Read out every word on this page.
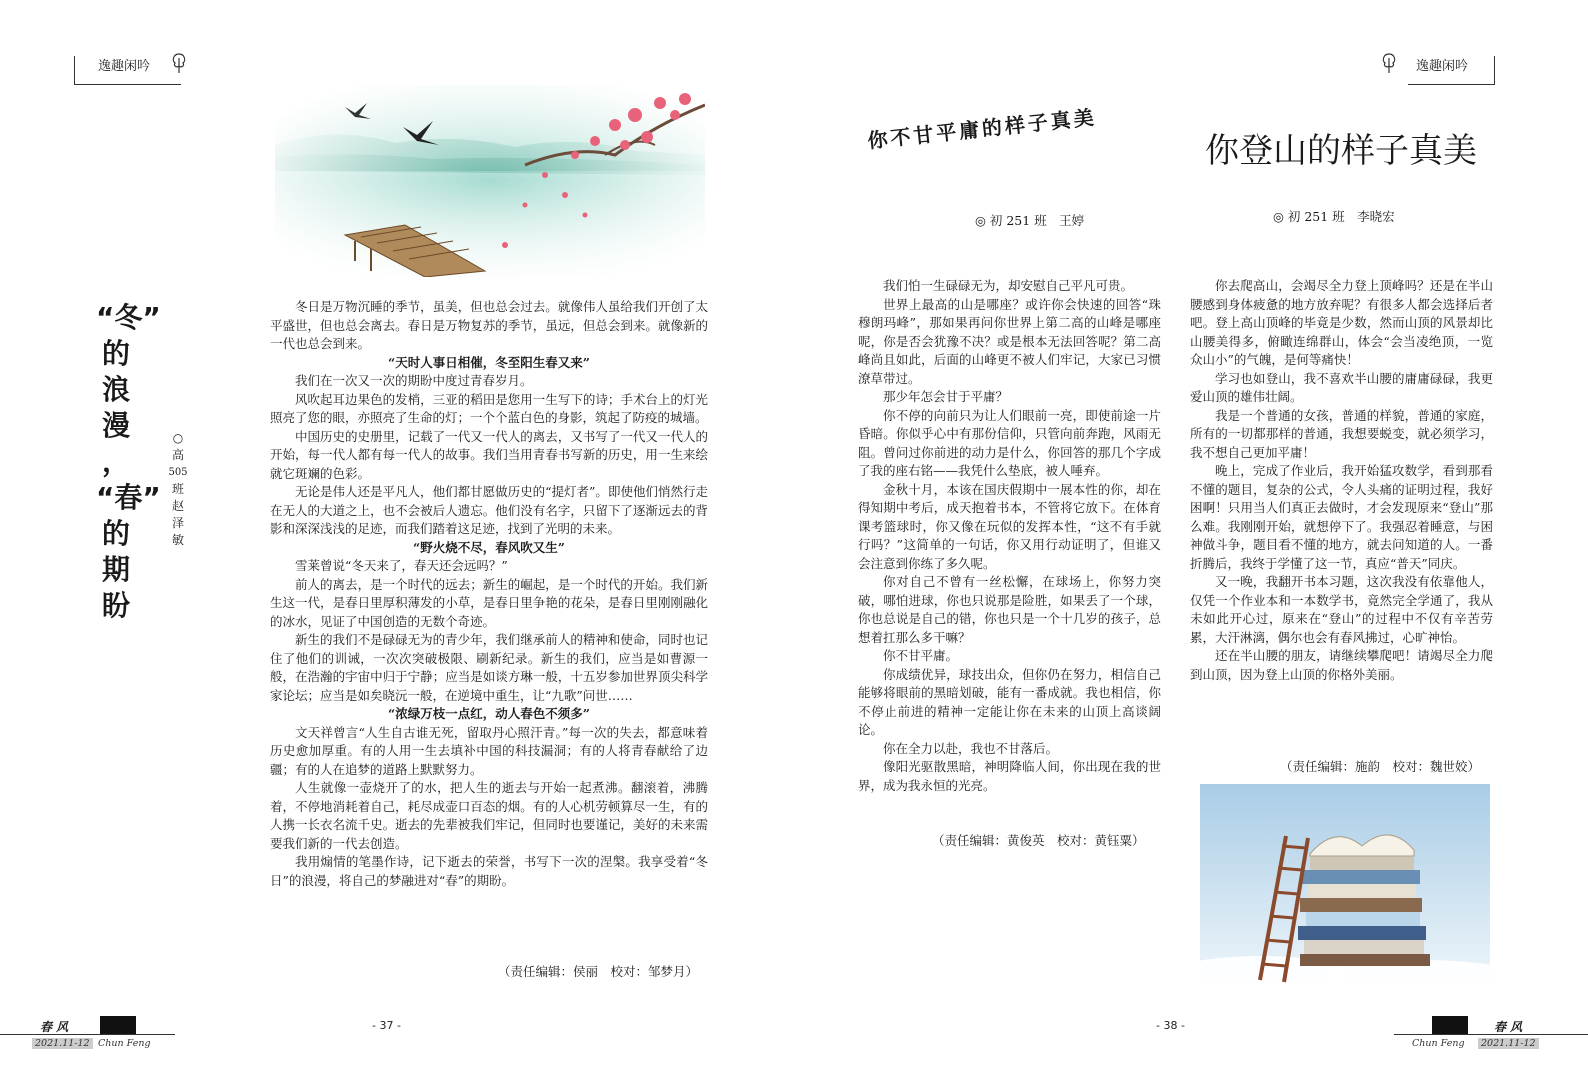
逸趣闲吟	逸趣闲吟
“冬”
的
浪
漫
，
“春”
的
期
盼
○
高
505
班
赵
泽
敏

冬日是万物沉睡的季节，虽美，但也总会过去。就像伟人虽给我们开创了太平盛世，但也总会离去。春日是万物复苏的季节，虽远，但总会到来。就像新的一代也总会到来。

“天时人事日相催，冬至阳生春又来”

我们在一次又一次的期盼中度过青春岁月。

风吹起耳边果色的发梢，三亚的稻田是您用一生写下的诗；手术台上的灯光照亮了您的眼，亦照亮了生命的灯；一个个蓝白色的身影，筑起了防疫的城墙。

中国历史的史册里，记载了一代又一代人的离去，又书写了一代又一代人的开始，每一代人都有每一代人的故事。我们当用青春书写新的历史，用一生来绘就它斑斓的色彩。

无论是伟人还是平凡人，他们都甘愿做历史的“提灯者”。即使他们悄然行走在无人的大道之上，也不会被后人遗忘。他们没有名字，只留下了逐渐远去的背影和深深浅浅的足迹，而我们踏着这足迹，找到了光明的未来。

“野火烧不尽，春风吹又生”

雪莱曾说“冬天来了，春天还会远吗？”

前人的离去，是一个时代的远去；新生的崛起，是一个时代的开始。我们新生这一代，是春日里厚积薄发的小草，是春日里争艳的花朵，是春日里刚刚融化的冰水，见证了中国创造的无数个奇迹。

新生的我们不是碌碌无为的青少年，我们继承前人的精神和使命，同时也记住了他们的训诫，一次次突破极限、刷新纪录。新生的我们，应当是如曹源一般，在浩瀚的宇宙中归于宁静；应当是如谈方琳一般，十五岁参加世界顶尖科学家论坛；应当是如矣晓沅一般，在逆境中重生，让“九歌”问世……

“浓绿万枝一点红，动人春色不须多”

文天祥曾言“人生自古谁无死，留取丹心照汗青。”每一次的失去，都意味着历史愈加厚重。有的人用一生去填补中国的科技漏洞；有的人将青春献给了边疆；有的人在追梦的道路上默默努力。

人生就像一壶烧开了的水，把人生的逝去与开始一起煮沸。翻滚着，沸腾着，不停地消耗着自己，耗尽成壶口百态的烟。有的人心机劳顿算尽一生，有的人携一长衣名流千史。逝去的先辈被我们牢记，但同时也要谨记，美好的未来需要我们新的一代去创造。

我用煽情的笔墨作诗，记下逝去的荣誉，书写下一次的涅槃。我享受着“冬日”的浪漫，将自己的梦融进对“春”的期盼。

（责任编辑：侯丽　校对：邹梦月）
你不甘平庸的样子真美
◎ 初 251 班　王婷

我们怕一生碌碌无为，却安慰自己平凡可贵。

世界上最高的山是哪座？或许你会快速的回答“珠穆朗玛峰”，那如果再问你世界上第二高的山峰是哪座呢，你是否会犹豫不决？或是根本无法回答呢？第二高峰尚且如此，后面的山峰更不被人们牢记，大家已习惯潦草带过。

那少年怎会甘于平庸？

你不停的向前只为让人们眼前一亮，即使前途一片昏暗。你似乎心中有那份信仰，只管向前奔跑，风雨无阻。曾问过你前进的动力是什么，你回答的那几个字成了我的座右铭——我凭什么垫底，被人唾弃。

金秋十月，本该在国庆假期中一展本性的你，却在得知期中考后，成天抱着书本，不管将它放下。在体育课考篮球时，你又像在玩似的发挥本性，“这不有手就行吗？”这简单的一句话，你又用行动证明了，但谁又会注意到你练了多久呢。

你对自己不曾有一丝松懈，在球场上，你努力突破，哪怕进球，你也只说那是险胜，如果丢了一个球，你也总说是自己的错，你也只是一个十几岁的孩子，总想着扛那么多干嘛？

你不甘平庸。

你成绩优异，球技出众，但你仍在努力，相信自己能够将眼前的黑暗划破，能有一番成就。我也相信，你不停止前进的精神一定能让你在未来的山顶上高谈阔论。

你在全力以赴，我也不甘落后。

像阳光驱散黑暗，神明降临人间，你出现在我的世界，成为我永恒的光亮。

（责任编辑：黄俊英　校对：黄钰粟）
你登山的样子真美
◎ 初 251 班　李晓宏

你去爬高山，会竭尽全力登上顶峰吗？还是在半山腰感到身体疲惫的地方放弃呢？有很多人都会选择后者吧。登上高山顶峰的毕竟是少数，然而山顶的风景却比山腰美得多，俯瞰连绵群山，体会“会当凌绝顶，一览众山小”的气魄，是何等痛快！

学习也如登山，我不喜欢半山腰的庸庸碌碌，我更爱山顶的雄伟壮阔。

我是一个普通的女孩，普通的样貌，普通的家庭，所有的一切都那样的普通，我想要蜕变，就必须学习，我不想自己更加平庸！

晚上，完成了作业后，我开始猛攻数学，看到那看不懂的题目，复杂的公式，令人头痛的证明过程，我好困啊！只用当人们真正去做时，才会发现原来“登山”那么难。我刚刚开始，就想停下了。我强忍着睡意，与困神做斗争，题目看不懂的地方，就去问知道的人。一番折腾后，我终于学懂了这一节，真应“普天”同庆。

又一晚，我翻开书本习题，这次我没有依靠他人，仅凭一个作业本和一本数学书，竟然完全学通了，我从未如此开心过，原来在“登山”的过程中不仅有辛苦劳累，大汗淋漓，偶尔也会有春风拂过，心旷神怡。

还在半山腰的朋友，请继续攀爬吧！请竭尽全力爬到山顶，因为登上山顶的你格外美丽。

（责任编辑：施韵　校对：魏世姣）
春 风
2021.11-12 Chun Feng
- 37 -	- 38 -	春 风
Chun Feng	2021.11-12
